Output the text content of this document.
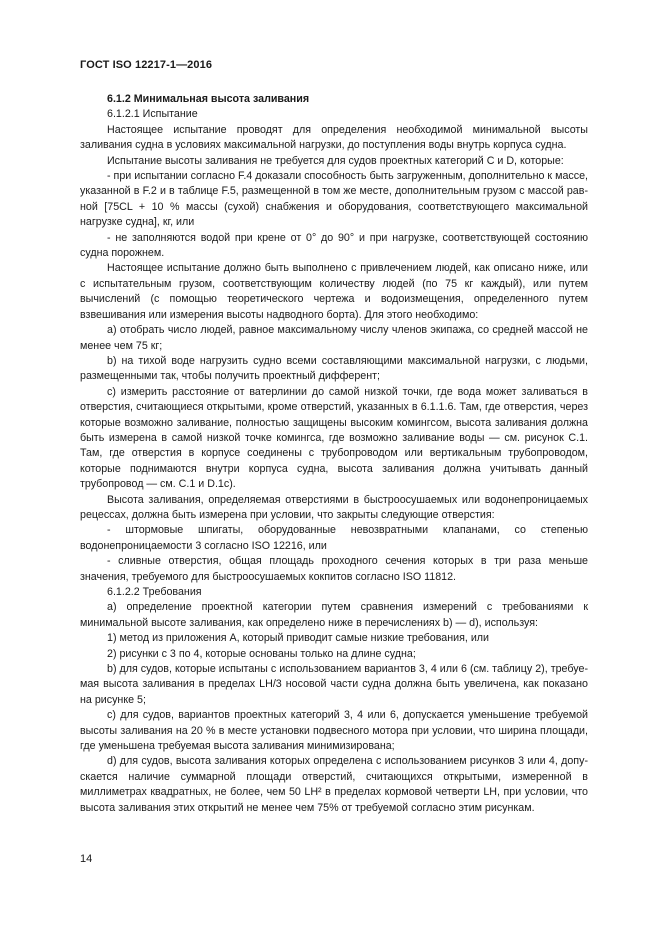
ГОСТ ISO 12217-1—2016

6.1.2 Минимальная высота заливания

6.1.2.1 Испытание

Настоящее испытание проводят для определения необходимой минимальной высоты заливания судна в условиях максимальной нагрузки, до поступления воды внутрь корпуса судна.

Испытание высоты заливания не требуется для судов проектных категорий С и D, которые:

- при испытании согласно F.4 доказали способность быть загруженным, дополнительно к массе, указанной в F.2 и в таблице F.5, размещенной в том же месте, дополнительным грузом с массой равной [75CL + 10 % массы (сухой) снабжения и оборудования, соответствующего максимальной нагрузке судна], кг, или

- не заполняются водой при крене от 0° до 90° и при нагрузке, соответствующей состоянию судна порожнем.

Настоящее испытание должно быть выполнено с привлечением людей, как описано ниже, или с испытательным грузом, соответствующим количеству людей (по 75 кг каждый), или путем вычислений (с помощью теоретического чертежа и водоизмещения, определенного путем взвешивания или измерения высоты надводного борта). Для этого необходимо:

a) отобрать число людей, равное максимальному числу членов экипажа, со средней массой не менее чем 75 кг;

b) на тихой воде нагрузить судно всеми составляющими максимальной нагрузки, с людьми, размещенными так, чтобы получить проектный дифферент;

c) измерить расстояние от ватерлинии до самой низкой точки, где вода может заливаться в отверстия, считающиеся открытыми, кроме отверстий, указанных в 6.1.1.6. Там, где отверстия, через которые возможно заливание, полностью защищены высоким комингсом, высота заливания должна быть измерена в самой низкой точке комингса, где возможно заливание воды — см. рисунок С.1. Там, где отверстия в корпусе соединены с трубопроводом или вертикальным трубопроводом, которые поднимаются внутри корпуса судна, высота заливания должна учитывать данный трубопровод — см. С.1 и D.1c).

Высота заливания, определяемая отверстиями в быстроосушаемых или водонепроницаемых рецессах, должна быть измерена при условии, что закрыты следующие отверстия:

- штормовые шпигаты, оборудованные невозвратными клапанами, со степенью водонепроницаемости 3 согласно ISO 12216, или

- сливные отверстия, общая площадь проходного сечения которых в три раза меньше значения, требуемого для быстроосушаемых кокпитов согласно ISO 11812.

6.1.2.2 Требования

a) определение проектной категории путем сравнения измерений с требованиями к минимальной высоте заливания, как определено ниже в перечислениях b) — d), используя:

1) метод из приложения А, который приводит самые низкие требования, или

2) рисунки с 3 по 4, которые основаны только на длине судна;

b) для судов, которые испытаны с использованием вариантов 3, 4 или 6 (см. таблицу 2), требуемая высота заливания в пределах LH/3 носовой части судна должна быть увеличена, как показано на рисунке 5;

c) для судов, вариантов проектных категорий 3, 4 или 6, допускается уменьшение требуемой высоты заливания на 20 % в месте установки подвесного мотора при условии, что ширина площади, где уменьшена требуемая высота заливания минимизирована;

d) для судов, высота заливания которых определена с использованием рисунков 3 или 4, допускается наличие суммарной площади отверстий, считающихся открытыми, измеренной в миллиметрах квадратных, не более, чем 50 LH² в пределах кормовой четверти LH, при условии, что высота заливания этих открытий не менее чем 75% от требуемой согласно этим рисункам.

14
